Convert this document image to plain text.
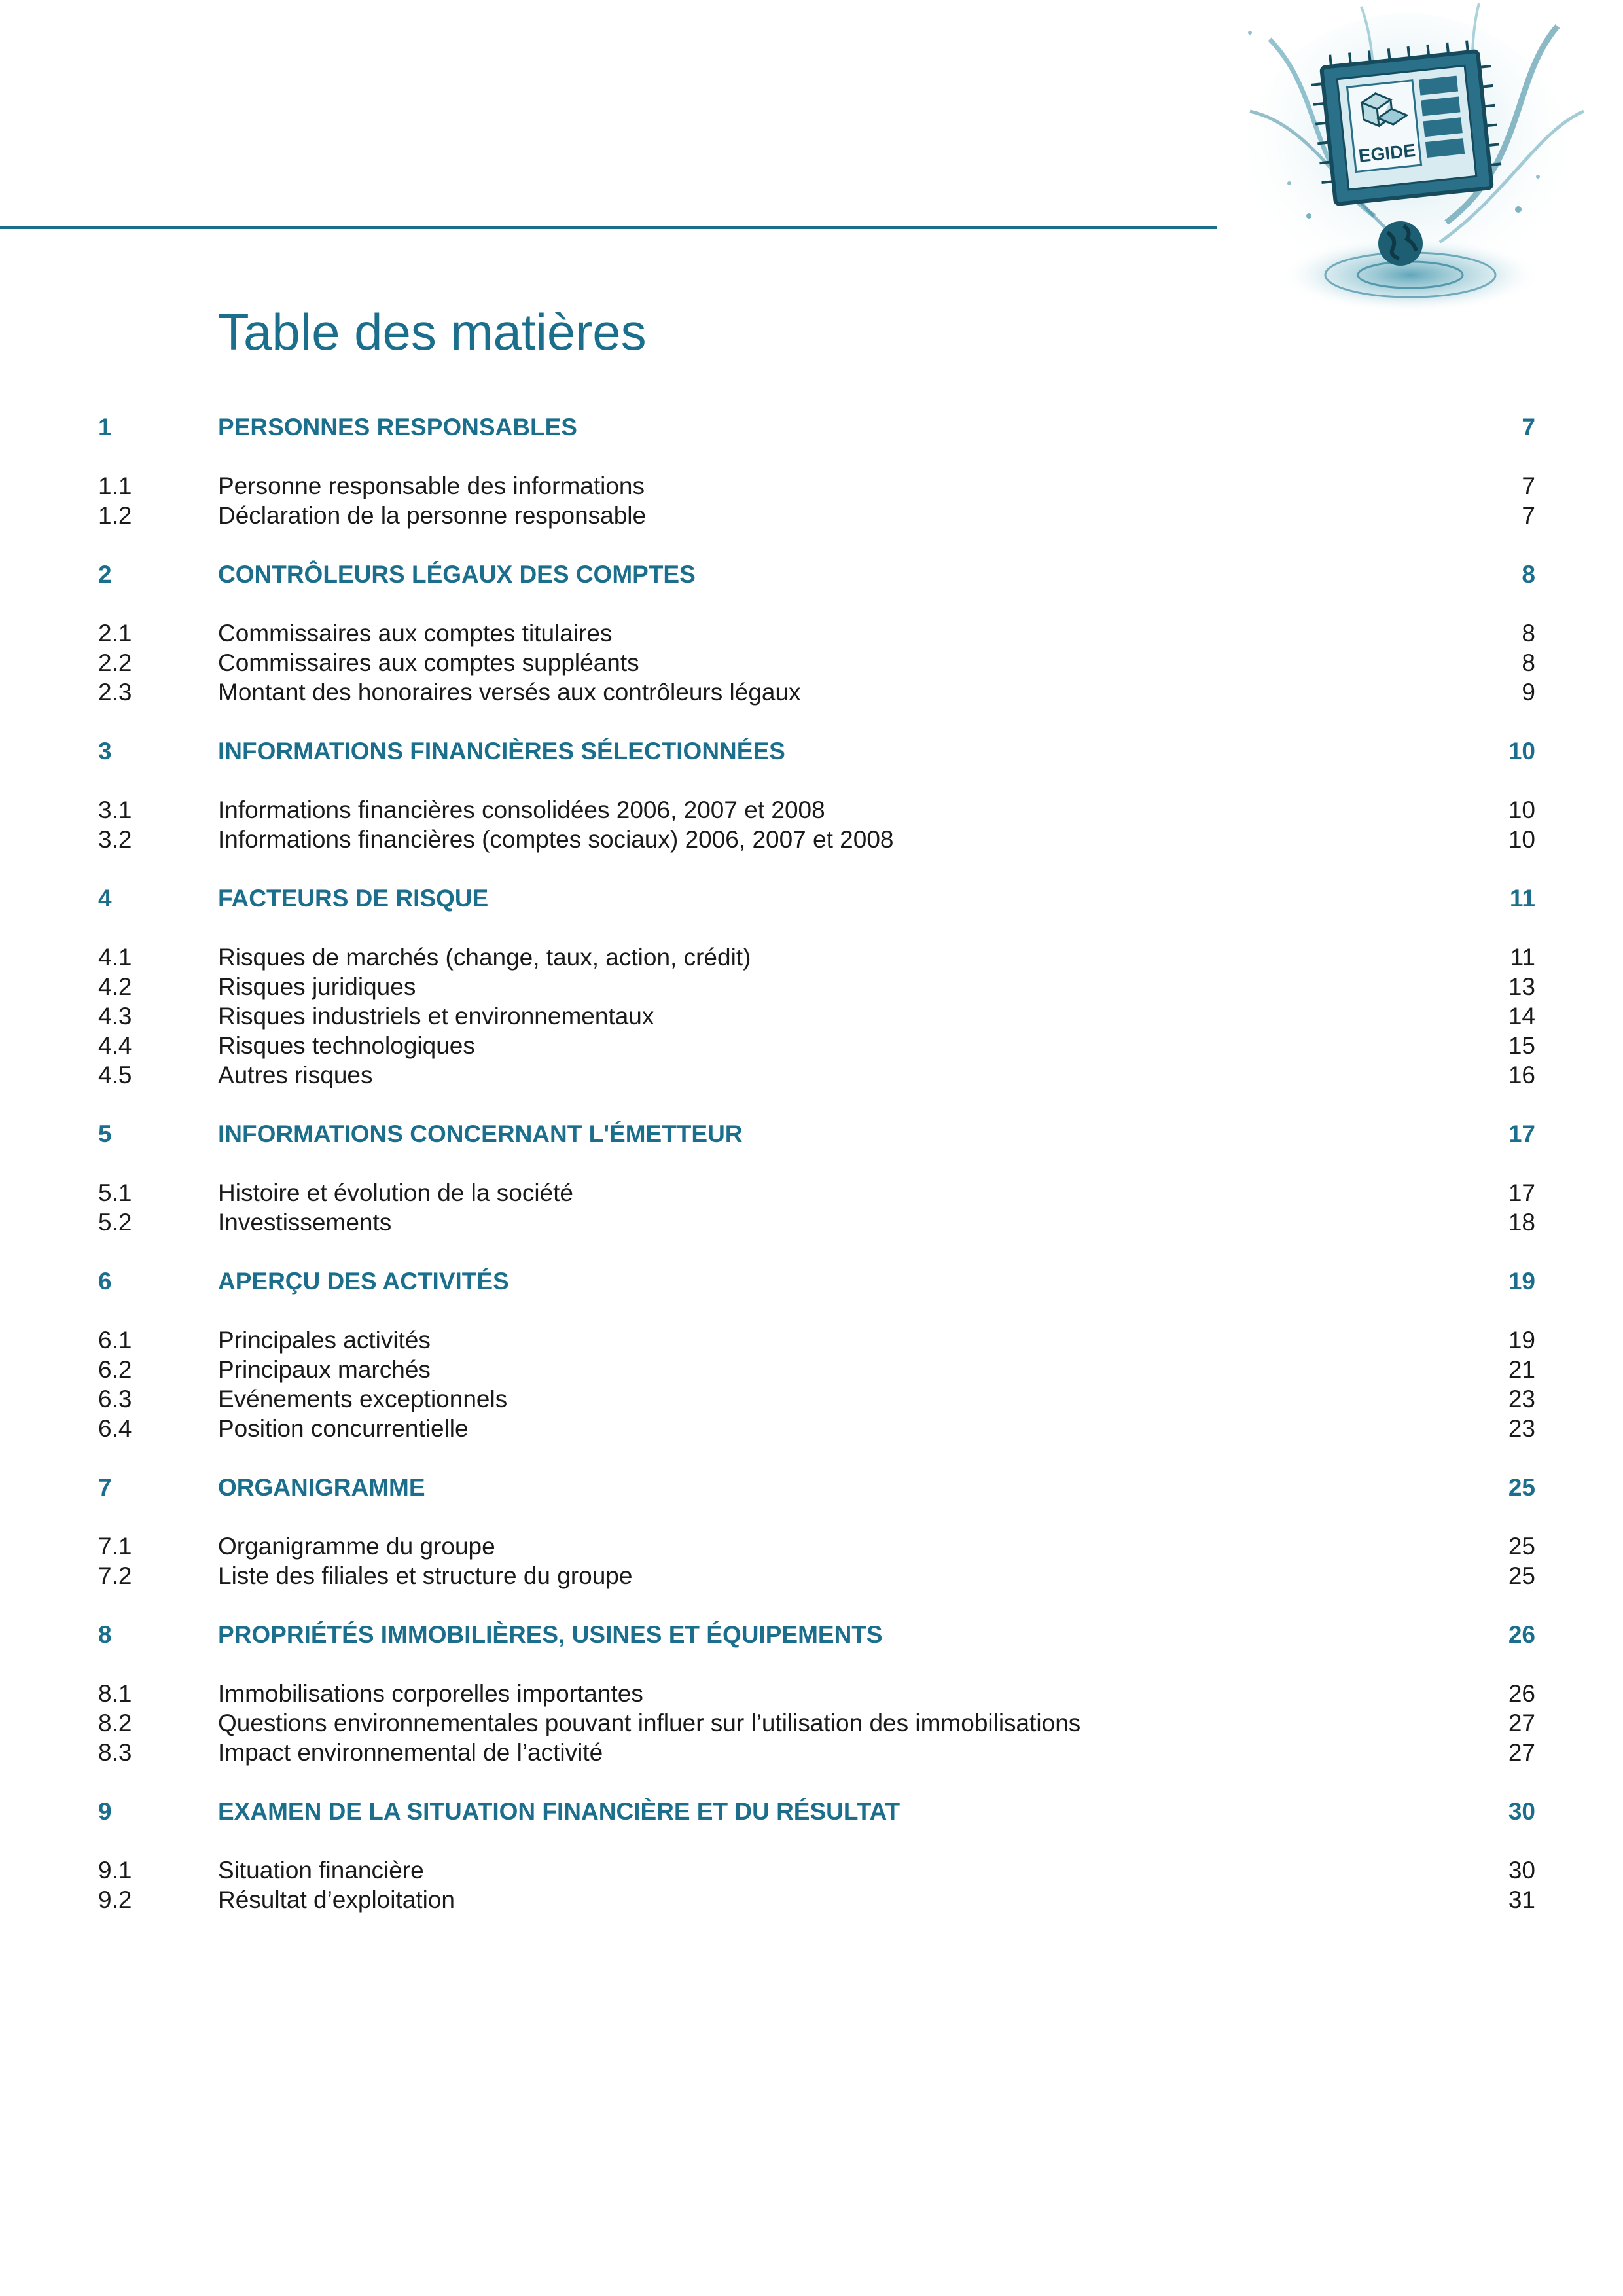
EGIDE
Table des matières
1	PERSONNES RESPONSABLES	7
1.1	Personne responsable des informations	7
1.2	Déclaration de la personne responsable	7
2	CONTRÔLEURS LÉGAUX DES COMPTES	8
2.1	Commissaires aux comptes titulaires	8
2.2	Commissaires aux comptes suppléants	8
2.3	Montant des honoraires versés aux contrôleurs légaux	9
3	INFORMATIONS FINANCIÈRES SÉLECTIONNÉES	10
3.1	Informations financières consolidées 2006, 2007 et 2008	10
3.2	Informations financières (comptes sociaux) 2006, 2007 et 2008	10
4	FACTEURS DE RISQUE	11
4.1	Risques de marchés (change, taux, action, crédit)	11
4.2	Risques juridiques	13
4.3	Risques industriels et environnementaux	14
4.4	Risques technologiques	15
4.5	Autres risques	16
5	INFORMATIONS CONCERNANT L'ÉMETTEUR	17
5.1	Histoire et évolution de la société	17
5.2	Investissements	18
6	APERÇU DES ACTIVITÉS	19
6.1	Principales activités	19
6.2	Principaux marchés	21
6.3	Evénements exceptionnels	23
6.4	Position concurrentielle	23
7	ORGANIGRAMME	25
7.1	Organigramme du groupe	25
7.2	Liste des filiales et structure du groupe	25
8	PROPRIÉTÉS IMMOBILIÈRES, USINES ET ÉQUIPEMENTS	26
8.1	Immobilisations corporelles importantes	26
8.2	Questions environnementales pouvant influer sur l’utilisation des immobilisations	27
8.3	Impact environnemental de l’activité	27
9	EXAMEN DE LA SITUATION FINANCIÈRE ET DU RÉSULTAT	30
9.1	Situation financière	30
9.2	Résultat d’exploitation	31
